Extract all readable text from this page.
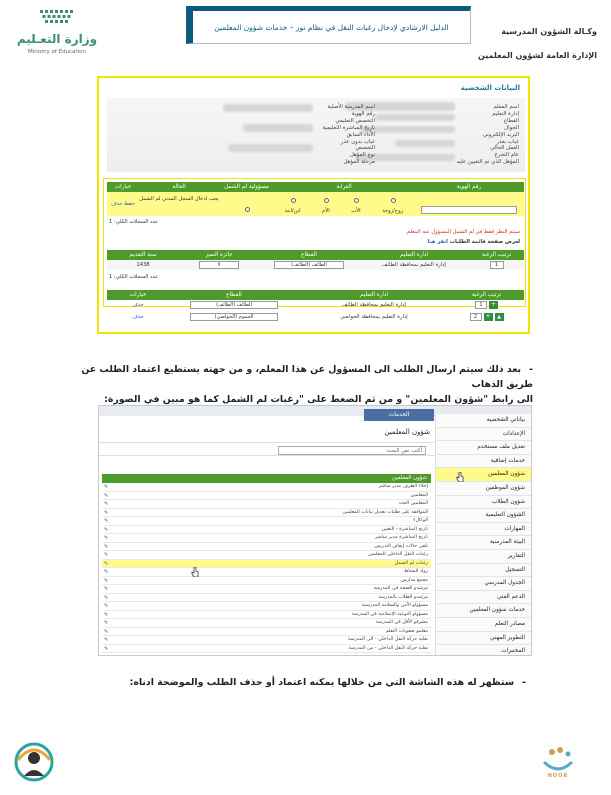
وزارة التعـليم
Ministry of Education
الدليل الارشادي لإدخال رغبات النقل في نظام نور – خدمات شؤون المعلمين	وكـالة الشؤون المدرسية
الإدارة العامة لشؤون المعلمين
البيانات الشخصية
اسم المعلم
إدارة التعليم
القطاع
الجوال
البريد الإلكتروني
غياب بعذر
العمل الحالي
عام التخرج
المؤهل الذي تم التعيين عليه
اسم المدرسة الأصلية
رقم الهوية
التخصص التعليمي
تاريخ المباشرة التعليمية
الأداء السابق
غياب بدون عذر
التخصص
نوع المؤهل
مرحلة المؤهل
رقم الهوية
القرابة
مسؤولية لم الشمل
الحالة
خيارات

زوج/زوجة

الأب

الأم

ابن/ابنة
يجب ادخال السجل المدني لم الشمل
حفظ حذف
عدد السجلات الكلي: 1
سيتم النظر فقط في لم الشمل المسؤول عنه المعلم.
لعرض صفحة قائمة الطلبات انقر هنا
ترتيب الرغبة
ادارة التعليم
القطاع
جائزة التميز
سنة التقديم
1
إدارة التعليم بمحافظة الطائف
الطائف (الطائف)
لا
1438
عدد السجلات الكلي: 1
ترتيب الرغبة
ادارة التعليم
القطاع
خيارات
+1
إدارة التعليم بمحافظة الطائف
الطائف (الطائف)
حذف
▲+2
إدارة التعليم بمحافظة الخواصي
الجموم (الخواصي)
حذف
-بعد ذلك سيتم ارسال الطلب الى المسؤول عن هذا المعلم، و من جهته يستطيع اعتماد الطلب عن طريق الذهاب
الى رابط "شؤون المعلمين" و من ثم الضغط على "رغبات لم الشمل كما هو مبين في الصورة:
شؤون المعلمين
أكتب نص البحث
شؤون المعلمين
إخلاء الطرف مدير مباشر
✎
المعلمين
✎
المعلمين الجدد
✎
الموافقة على طلبات تعديل بيانات المعلمين
✎
الوكالء
✎
تاريخ المباشرة - التعيين
✎
تاريخ المباشرة مدير مباشر
✎
تلقي حالات إيقاف التدريس
✎
رغبات النقل الداخلي للمعلمين
✎
رغبات لم الشمل
✎
رواد النشاط
✎
مجمع مدارس
✎
مرشدو الصحة في المدرسة
✎
مرشدو الطلاب بالمدرسة
✎
مسؤولو الأمن والسلامة المدرسية
✎
مسؤولو التوعية الإسلامية في المدرسة
✎
مشرفو الأقل في المدرسة
✎
معلمو صعوبات التعلم
✎
نقلية حركة النقل الداخلي - الى المدرسة
✎
نقلية حركة النقل الداخلي - من المدرسة
✎
الخدمات
بياناتي الشخصية
الإعدادات
تعديل ملف مستخدم
خدمات إضافية
شؤون المعلمين
شؤون الموظفين
شؤون الطلاب
الشؤون التعليمية
المهارات
البيئة المدرسية
التقارير
التسجيل
الجدول المدرسي
الدعم الفني
خدمات شؤون المعلمين
مصادر التعلم
التطوير المهني
المختبرات
-ستظهر له هذه الشاشة التي من خلالها يمكنه اعتماد أو حذف الطلب والموضحة ادناه:
NOOR
